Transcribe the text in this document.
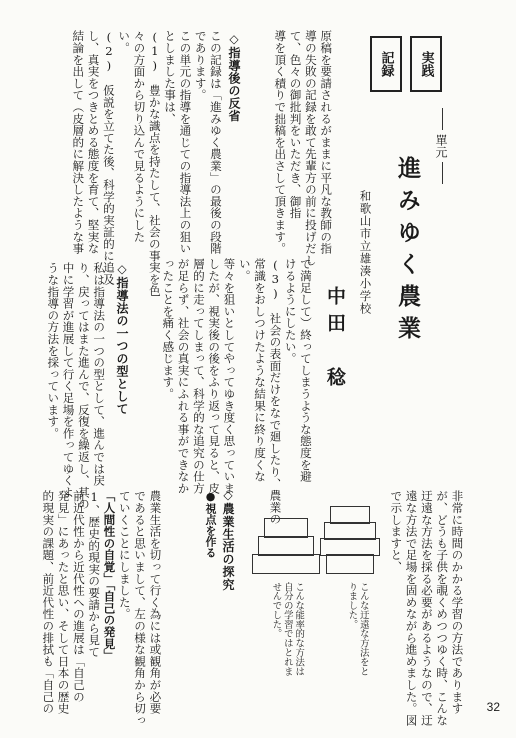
実践
記録
單元
進みゆく農業
和歌山市立雄湊小学校
中田　稔
原稿を要請されるがままに平凡な教師の指
導の失敗の記録を敢て先輩方の前に投げだし
て、色々の御批判をいただき、御指
導を頂く積りで拙稿を出さして頂きます。
◇指導後の反省
この記録は「進みゆく農業」の最後の段階
であります。
この単元の指導を通じての指導法上の狙い
としました事は、
(1)　豊かな識点を持たして、社会の事実を色
々の方面から切り込んで見るようにした
い。
(2)　仮説を立てた後、科学的実証的に追及
し、真実をつきとめる態度を育て、堅実な
結論を出して（皮層的に解決したような事
で満足して）終ってしまうような態度を避
けるようにしたい。
(3)　社会の表面だけをなで廻したり、農業の
常識をおしつけたような結果に終り度くな
い。
等々を狙いとしてやってゆき度く思っていま
したが、視実後の後をふり返って見ると、皮
層的に走ってしまって、科学的な追究の仕方
が足らず、社会の真実にふれる事ができなか
ったことを痛く感じます。
◇指導法の一つの型として
私は指導法の一つの型として、進んでは戻
り、戻ってはまた進んで、反復を繰返し、其の
中に学習が進展して行く足場を作ってゆくよ
うな指導の方法を採っています。
非常に時間のかかる学習の方法であります
が、どうも子供を覗くめつつゆく時、こんな
迂遠な方法を採る必要があるようなので、迂
遠な方法で足場を固めながら進めました。図
で示しますと、
こんな迂遠な方法をとりました。
こんな能率的な方法は自分の学習ではとれませんでした。
◇農業生活の探究
●視点を作る
農業生活を切って行く為には或観角が必要
であると思いまして、左の様な観角から切っ
ていくことにしました。
「人間性の自覚」「自己の発見」
1、歴史的現実の要請から見て
前近代性から近代性への進展は「自己の
発見」にあったと思い、そして日本の歴史
的現実の課題、前近代性の排拭も「自己の	32
